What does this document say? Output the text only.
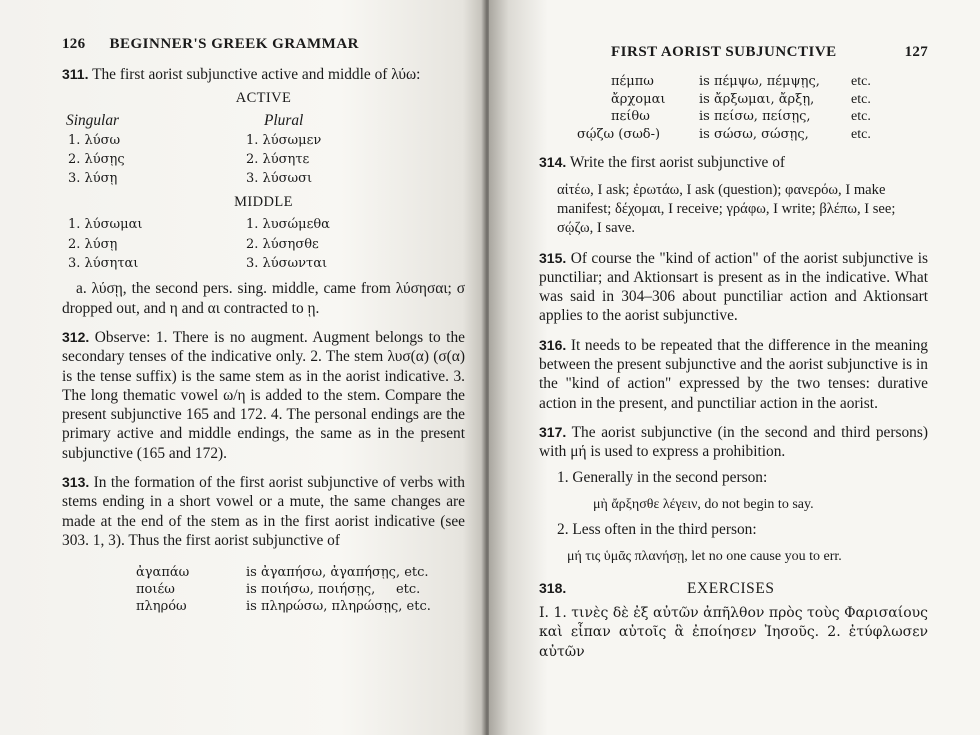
126 BEGINNER'S GREEK GRAMMAR

311. The first aorist subjunctive active and middle of λύω:

ACTIVE
Singular	Plural
1. λύσω	1. λύσωμεν
2. λύσῃς	2. λύσητε
3. λύσῃ	3. λύσωσι
MIDDLE
1. λύσωμαι	1. λυσώμεθα
2. λύσῃ	2. λύσησθε
3. λύσηται	3. λύσωνται

a. λύσῃ, the second pers. sing. middle, came from λύσησαι; σ dropped out, and η and αι contracted to ῃ.

312. Observe: 1. There is no augment. Augment belongs to the secondary tenses of the indicative only. 2. The stem λυσ(α) (σ(α) is the tense suffix) is the same stem as in the aorist indicative. 3. The long thematic vowel ω/η is added to the stem. Compare the present subjunctive 165 and 172. 4. The personal endings are the primary active and middle endings, the same as in the present subjunctive (165 and 172).

313. In the formation of the first aorist subjunctive of verbs with stems ending in a short vowel or a mute, the same changes are made at the end of the stem as in the first aorist indicative (see 303. 1, 3). Thus the first aorist subjunctive of

ἀγαπάω	is ἀγαπήσω, ἀγαπήσῃς, etc.
ποιέω	is ποιήσω, ποιήσῃς,     etc.
πληρόω	is πληρώσω, πληρώσῃς, etc.
FIRST AORIST SUBJUNCTIVE	127
πέμπω	is πέμψω, πέμψῃς,	etc.
ἄρχομαι	is ἄρξωμαι, ἄρξῃ,	etc.
πείθω	is πείσω, πείσῃς,	etc.
σῴζω (σωδ-)	is σώσω, σώσῃς,	etc.

314. Write the first aorist subjunctive of

αἰτέω, I ask; ἐρωτάω, I ask (question); φανερόω, I make manifest; δέχομαι, I receive; γράφω, I write; βλέπω, I see; σῴζω, I save.

315. Of course the "kind of action" of the aorist subjunctive is punctiliar; and Aktionsart is present as in the indicative. What was said in 304–306 about punctiliar action and Aktionsart applies to the aorist subjunctive.

316. It needs to be repeated that the difference in the meaning between the present subjunctive and the aorist subjunctive is in the "kind of action" expressed by the two tenses: durative action in the present, and punctiliar action in the aorist.

317. The aorist subjunctive (in the second and third persons) with μή is used to express a prohibition.

1. Generally in the second person:
μὴ ἄρξησθε λέγειν, do not begin to say.
2. Less often in the third person:
μή τις ὑμᾶς πλανήσῃ, let no one cause you to err.
318.	EXERCISES

I. 1. τινὲς δὲ ἐξ αὐτῶν ἀπῆλθον πρὸς τοὺς Φαρισαίους καὶ εἶπαν αὐτοῖς ἃ ἐποίησεν Ἰησοῦς. 2. ἐτύφλωσεν αὐτῶν
